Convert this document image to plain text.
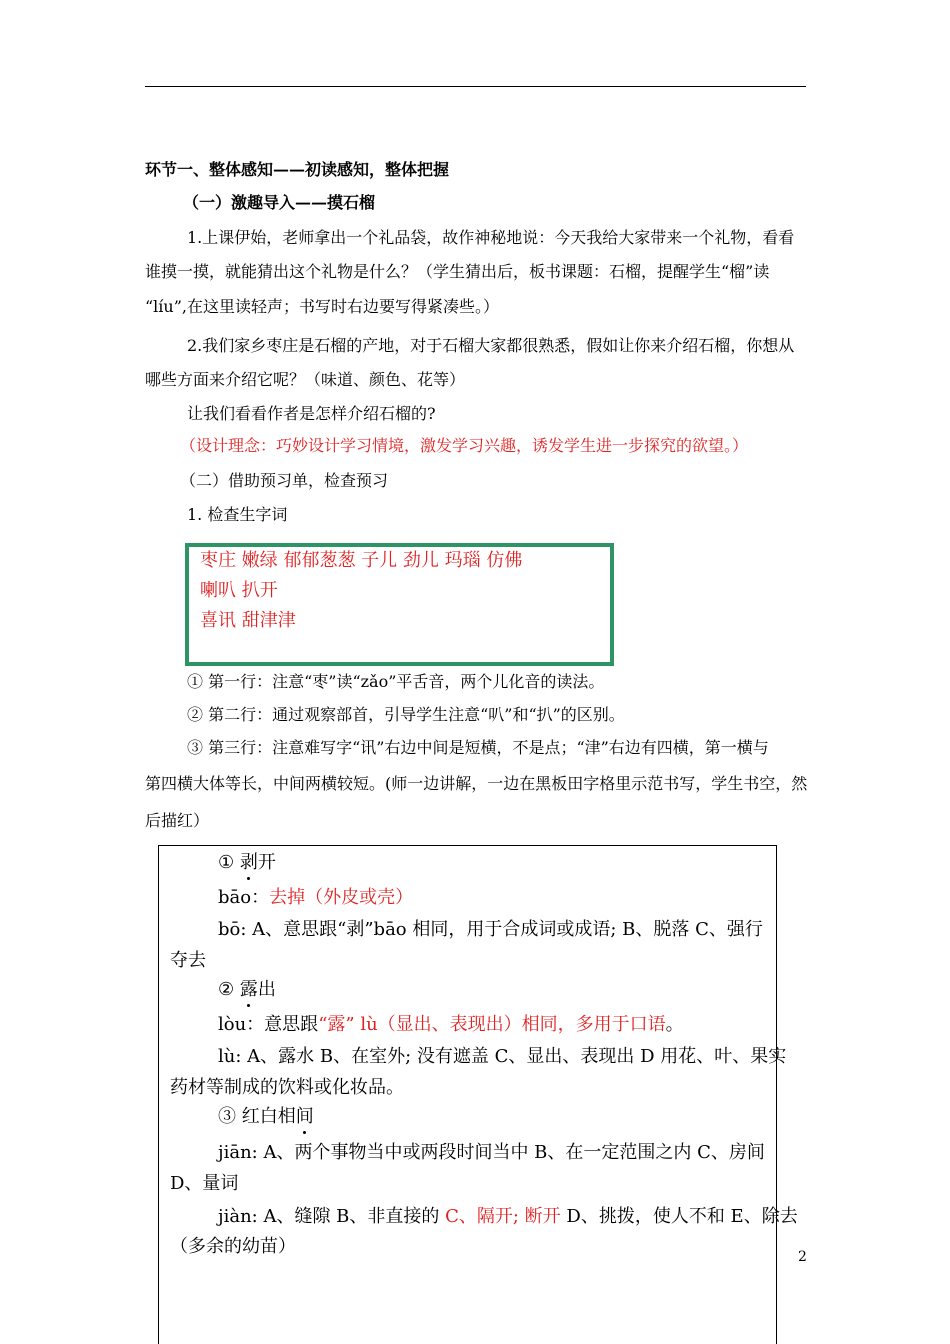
环节一、整体感知——初读感知，整体把握
（一）激趣导入——摸石榴
1.上课伊始，老师拿出一个礼品袋，故作神秘地说：今天我给大家带来一个礼物，看看
谁摸一摸，就能猜出这个礼物是什么？（学生猜出后，板书课题：石榴，提醒学生“榴”读
“líu”,在这里读轻声；书写时右边要写得紧凑些。）
2.我们家乡枣庄是石榴的产地，对于石榴大家都很熟悉，假如让你来介绍石榴，你想从
哪些方面来介绍它呢？（味道、颜色、花等）
让我们看看作者是怎样介绍石榴的?
（设计理念：巧妙设计学习情境，激发学习兴趣，诱发学生进一步探究的欲望。）
（二）借助预习单，检查预习
1. 检查生字词
枣庄 嫩绿 郁郁葱葱 子儿 劲儿 玛瑙 仿佛
喇叭 扒开
喜讯 甜津津
① 第一行：注意“枣”读“zǎo”平舌音，两个儿化音的读法。
② 第二行：通过观察部首，引导学生注意“叭”和“扒”的区别。
③ 第三行：注意难写字“讯”右边中间是短横，不是点；“津”右边有四横，第一横与
第四横大体等长，中间两横较短。(师一边讲解，一边在黑板田字格里示范书写，学生书空，然
后描红）
① 剥开
bāo：去掉（外皮或壳）
bō: A、意思跟“剥”bāo 相同，用于合成词或成语; B、脱落 C、强行
夺去
② 露出
lòu：意思跟“露” lù（显出、表现出）相同，多用于口语。
lù: A、露水 B、在室外; 没有遮盖 C、显出、表现出 D 用花、叶、果实
药材等制成的饮料或化妆品。
③ 红白相间
jiān: A、两个事物当中或两段时间当中 B、在一定范围之内 C、房间
D、量词
jiàn: A、缝隙 B、非直接的 C、隔开; 断开 D、挑拨，使人不和 E、除去
（多余的幼苗）	2
